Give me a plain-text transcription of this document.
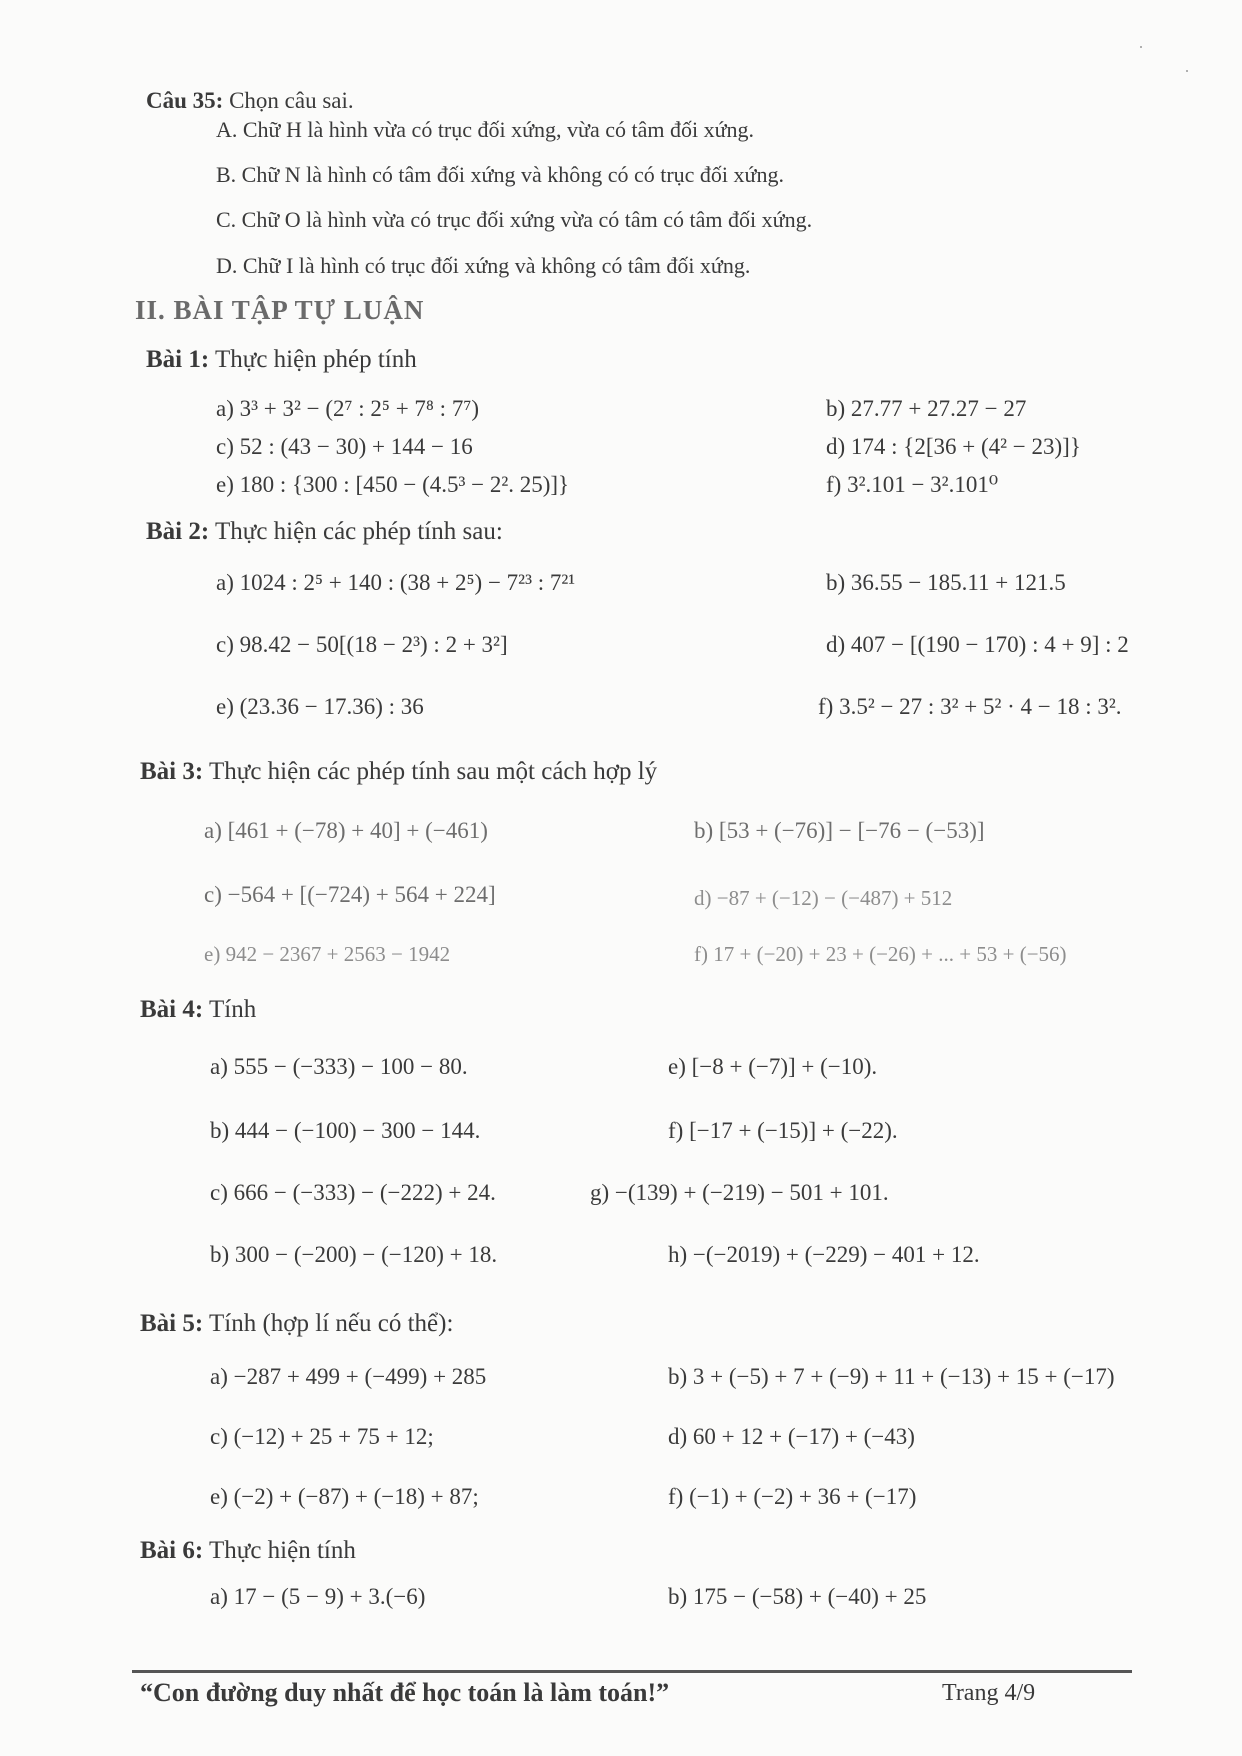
Câu 35: Chọn câu sai.
A. Chữ H là hình vừa có trục đối xứng, vừa có tâm đối xứng.
B. Chữ N là hình có tâm đối xứng và không có có trục đối xứng.
C. Chữ O là hình vừa có trục đối xứng vừa có tâm có tâm đối xứng.
D. Chữ I là hình có trục đối xứng và không có tâm đối xứng.
II. BÀI TẬP TỰ LUẬN
Bài 1: Thực hiện phép tính
a) 3³ + 3² − (2⁷ : 2⁵ + 7⁸ : 7⁷)	b) 27.77 + 27.27 − 27
c) 52 : (43 − 30) + 144 − 16	d) 174 : {2[36 + (4² − 23)]}
e) 180 : {300 : [450 − (4.5³ − 2². 25)]}	f) 3².101 − 3².101⁰
Bài 2: Thực hiện các phép tính sau:
a) 1024 : 2⁵ + 140 : (38 + 2⁵) − 7²³ : 7²¹	b) 36.55 − 185.11 + 121.5
c) 98.42 − 50[(18 − 2³) : 2 + 3²]	d) 407 − [(190 − 170) : 4 + 9] : 2
e) (23.36 − 17.36) : 36	f) 3.5² − 27 : 3² + 5² · 4 − 18 : 3².
Bài 3: Thực hiện các phép tính sau một cách hợp lý
a) [461 + (−78) + 40] + (−461)	b) [53 + (−76)] − [−76 − (−53)]
c) −564 + [(−724) + 564 + 224]	d) −87 + (−12) − (−487) + 512
e) 942 − 2367 + 2563 − 1942	f) 17 + (−20) + 23 + (−26) + ... + 53 + (−56)
Bài 4: Tính
a) 555 − (−333) − 100 − 80.	e) [−8 + (−7)] + (−10).
b) 444 − (−100) − 300 − 144.	f) [−17 + (−15)] + (−22).
c) 666 − (−333) − (−222) + 24.	g) −(139) + (−219) − 501 + 101.
b) 300 − (−200) − (−120) + 18.	h) −(−2019) + (−229) − 401 + 12.
Bài 5: Tính (hợp lí nếu có thể):
a) −287 + 499 + (−499) + 285	b) 3 + (−5) + 7 + (−9) + 11 + (−13) + 15 + (−17)
c) (−12) + 25 + 75 + 12;	d) 60 + 12 + (−17) + (−43)
e) (−2) + (−87) + (−18) + 87;	f) (−1) + (−2) + 36 + (−17)
Bài 6: Thực hiện tính
a) 17 − (5 − 9) + 3.(−6)	b) 175 − (−58) + (−40) + 25
“Con đường duy nhất để học toán là làm toán!”	Trang 4/9
